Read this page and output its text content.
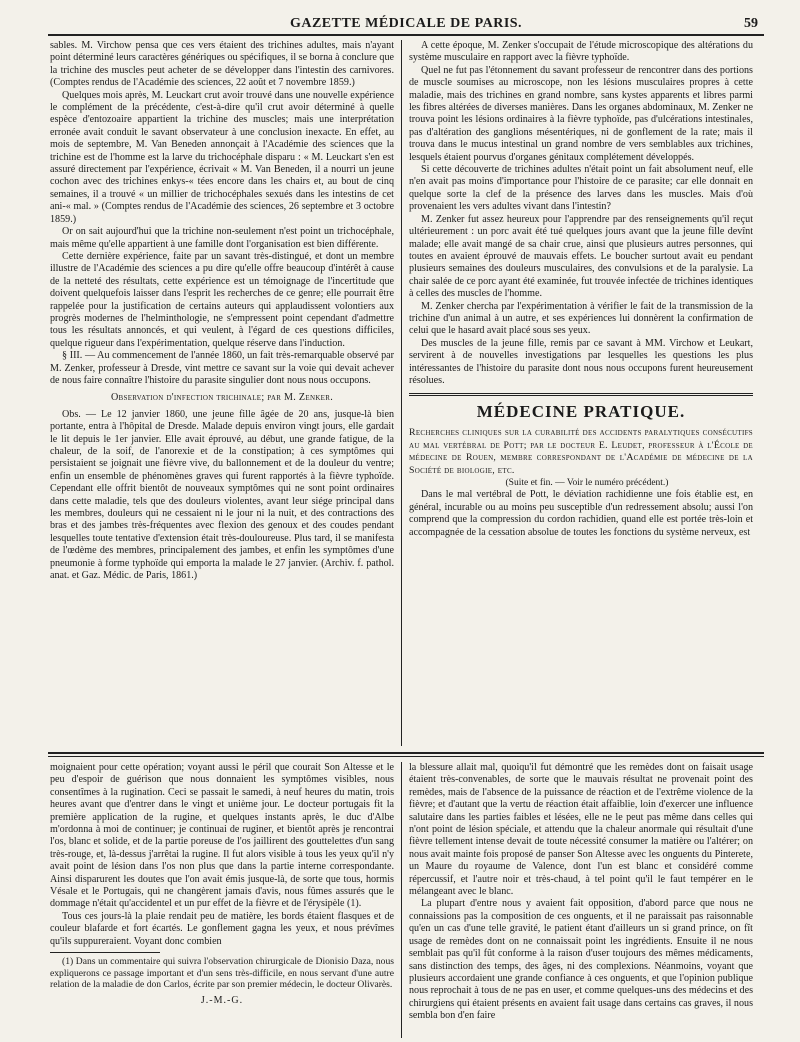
GAZETTE MÉDICALE DE PARIS.	59

sables. M. Virchow pensa que ces vers étaient des trichines adultes, mais n'ayant point déterminé leurs caractères génériques ou spécifiques, il se borna à conclure que la trichine des muscles peut acheter de se développer dans l'intestin des carnivores. (Comptes rendus de l'Académie des sciences, 22 août et 7 novembre 1859.)

Quelques mois après, M. Leuckart crut avoir trouvé dans une nouvelle expérience le complément de la précédente, c'est-à-dire qu'il crut avoir déterminé à quelle espèce d'entozoaire appartient la trichine des muscles; mais une interprétation erronée avait conduit le savant observateur à une conclusion inexacte. En effet, au mois de septembre, M. Van Beneden annonçait à l'Académie des sciences que la trichine est de l'homme est la larve du trichocéphale disparu : « M. Leuckart s'en est assuré directement par l'expérience, écrivait « M. Van Beneden, il a nourri un jeune cochon avec des trichines enkys-« tées encore dans les chairs et, au bout de cinq semaines, il a trouvé « un millier de trichocéphales sexués dans les intestins de cet ani-« mal. » (Comptes rendus de l'Académie des sciences, 26 septembre et 3 octobre 1859.)

Or on sait aujourd'hui que la trichine non-seulement n'est point un trichocéphale, mais même qu'elle appartient à une famille dont l'organisation est bien différente.

Cette dernière expérience, faite par un savant très-distingué, et dont un membre illustre de l'Académie des sciences a pu dire qu'elle offre beaucoup d'intérêt à cause de la netteté des résultats, cette expérience est un témoignage de l'incertitude que doivent quelquefois laisser dans l'esprit les recherches de ce genre; elle pourrait être rappelée pour la justification de certains auteurs qui applaudissent volontiers aux progrès modernes de l'helminthologie, ne s'empressent point cependant d'admettre tous les résultats annoncés, et qui veulent, à l'égard de ces questions difficiles, quelque rigueur dans l'expérimentation, quelque réserve dans l'induction.

§ III. — Au commencement de l'année 1860, un fait très-remarquable observé par M. Zenker, professeur à Dresde, vint mettre ce savant sur la voie qui devait achever de nous faire connaître l'histoire du parasite singulier dont nous nous occupons.

Observation d'infection trichinale; par M. Zenker.

Obs. — Le 12 janvier 1860, une jeune fille âgée de 20 ans, jusque-là bien portante, entra à l'hôpital de Dresde. Malade depuis environ vingt jours, elle gardait le lit depuis le 1er janvier. Elle avait éprouvé, au début, une grande fatigue, de la chaleur, de la soif, de l'anorexie et de la constipation; à ces symptômes qui persistaient se joignait une fièvre vive, du ballonnement et de la douleur du ventre; enfin un ensemble de phénomènes graves qui furent rapportés à la fièvre typhoïde. Cependant elle offrit bientôt de nouveaux symptômes qui ne sont point ordinaires dans cette maladie, tels que des douleurs violentes, avant leur siége principal dans les membres, douleurs qui ne cessaient ni le jour ni la nuit, et des contractions des bras et des jambes très-fréquentes avec flexion des genoux et des coudes pendant lesquelles toute tentative d'extension était très-douloureuse. Plus tard, il se manifesta de l'œdème des membres, principalement des jambes, et enfin les symptômes d'une pneumonie à forme typhoïde qui emporta la malade le 27 janvier. (Archiv. f. pathol. anat. et Gaz. Médic. de Paris, 1861.)

A cette époque, M. Zenker s'occupait de l'étude microscopique des altérations du système musculaire en rapport avec la fièvre typhoïde.

Quel ne fut pas l'étonnement du savant professeur de rencontrer dans des portions de muscle soumises au microscope, non les lésions musculaires propres à cette maladie, mais des trichines en grand nombre, sans kystes apparents et libres parmi les fibres altérées de diverses manières. Dans les organes abdominaux, M. Zenker ne trouva point les lésions ordinaires à la fièvre typhoïde, pas d'ulcérations intestinales, pas d'altération des ganglions mésentériques, ni de gonflement de la rate; mais il trouva dans le mucus intestinal un grand nombre de vers semblables aux trichines, lesquels étaient pourvus d'organes génitaux complétement développés.

Si cette découverte de trichines adultes n'était point un fait absolument neuf, elle n'en avait pas moins d'importance pour l'histoire de ce parasite; car elle donnait en quelque sorte la clef de la présence des larves dans les muscles. Mais d'où provenaient les vers adultes vivant dans l'intestin?

M. Zenker fut assez heureux pour l'apprendre par des renseignements qu'il reçut ultérieurement : un porc avait été tué quelques jours avant que la jeune fille devînt malade; elle avait mangé de sa chair crue, ainsi que plusieurs autres personnes, qui toutes en avaient éprouvé de mauvais effets. Le boucher surtout avait eu pendant plusieurs semaines des douleurs musculaires, des convulsions et de la paralysie. La chair salée de ce porc ayant été examinée, fut trouvée infectée de trichines identiques à celles des muscles de l'homme.

M. Zenker chercha par l'expérimentation à vérifier le fait de la transmission de la trichine d'un animal à un autre, et ses expériences lui donnèrent la confirmation de celui que le hasard avait placé sous ses yeux.

Des muscles de la jeune fille, remis par ce savant à MM. Virchow et Leukart, servirent à de nouvelles investigations par lesquelles les questions les plus intéressantes de l'histoire du parasite dont nous nous occupons furent heureusement résolues.

MÉDECINE PRATIQUE.

Recherches cliniques sur la curabilité des accidents paralytiques consécutifs au mal vertébral de Pott; par le docteur E. Leudet, professeur à l'École de médecine de Rouen, membre correspondant de l'Académie de médecine de la Société de biologie, etc.

(Suite et fin. — Voir le numéro précédent.)

Dans le mal vertébral de Pott, le déviation rachidienne une fois établie est, en général, incurable ou au moins peu susceptible d'un redressement absolu; aussi l'on comprend que la compression du cordon rachidien, quand elle est portée très-loin et accompagnée de la cessation absolue de toutes les fonctions du système nerveux, est

moignaient pour cette opération; voyant aussi le péril que courait Son Altesse et le peu d'espoir de guérison que nous donnaient les symptômes visibles, nous consentîmes à la rugination. Ceci se passait le samedi, à neuf heures du matin, trois heures avant que d'entrer dans le vingt et unième jour. Le docteur portugais fit la première application de la rugine, et quelques instants après, le duc d'Albe m'ordonna à moi de continuer; je continuai de ruginer, et bientôt après je rencontrai l'os, blanc et solide, et de la partie poreuse de l'os jaillirent des gouttelettes d'un sang très-rouge, et, là-dessus j'arrêtai la rugine. Il fut alors visible à tous les yeux qu'il n'y avait point de lésion dans l'os non plus que dans la partie interne correspondante. Ainsi disparurent les doutes que l'on avait émis jusque-là, de sorte que tous, hormis Vésale et le Portugais, qui ne changèrent jamais d'avis, nous fûmes assurés que le dommage n'était qu'accidentel et un pur effet de la fièvre et de l'érysipèle (1).

Tous ces jours-là la plaie rendait peu de matière, les bords étaient flasques et de couleur blafarde et fort écartés. Le gonflement gagna les yeux, et nous prévîmes qu'ils suppureraient. Voyant donc combien

(1) Dans un commentaire qui suivra l'observation chirurgicale de Dionisio Daza, nous expliquerons ce passage important et d'un sens très-difficile, en nous servant d'une autre relation de la maladie de don Carlos, écrite par son premier médecin, le docteur Olivarès.

J.-M.-G.

la blessure allait mal, quoiqu'il fut démontré que les remèdes dont on faisait usage étaient très-convenables, de sorte que le mauvais résultat ne provenait point des remèdes, mais de l'absence de la puissance de réaction et de l'extrême violence de la fièvre; et d'autant que la vertu de réaction était affaiblie, loin d'exercer une influence salutaire dans les parties faibles et lésées, elle ne le peut pas même dans celles qui n'ont point de lésion spéciale, et attendu que la chaleur anormale qui résultait d'une fièvre tellement intense devait de toute nécessité consumer la matière ou l'altérer; on nous avait mainte fois proposé de panser Son Altesse avec les onguents du Pinterete, un Maure du royaume de Valence, dont l'un est blanc et considéré comme répercussif, et l'autre noir et très-chaud, à tel point qu'il le faut tempérer en le mélangeant avec le blanc.

La plupart d'entre nous y avaient fait opposition, d'abord parce que nous ne connaissions pas la composition de ces onguents, et il ne paraissait pas raisonnable qu'en un cas d'une telle gravité, le patient étant d'ailleurs un si grand prince, on fît usage de remèdes dont on ne connaissait point les ingrédients. Ensuite il ne nous semblait pas qu'il fût conforme à la raison d'user toujours des mêmes médicaments, sans distinction des temps, des âges, ni des complexions. Néanmoins, voyant que plusieurs accordaient une grande confiance à ces onguents, et que l'opinion publique nous reprochait à tous de ne pas en user, et comme quelques-uns des médecins et des chirurgiens qui étaient présents en avaient fait usage dans certains cas graves, il nous sembla bon d'en faire
